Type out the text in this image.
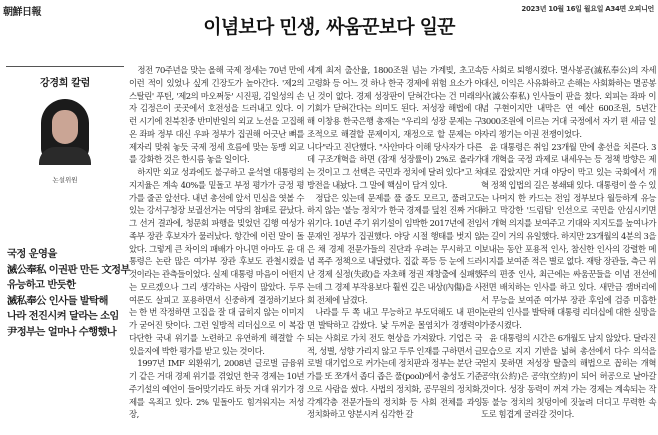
朝鮮日報	2023년 10월 16일 월요일 A34면 오피니언
이념보다 민생, 싸움꾼보다 일꾼
강경희 칼럼
논설위원
국정 운영을
滅公奉私 이권판 만든 文정부
유능하고 반듯한
滅私奉公 인사들 발탁해
나라 전진시켜 달라는 소임
尹정부는 얼마나 수행했나

정전 70주년을 맞는 올해 국제 정세는 70년 만에 이런 적이 있었나 싶게 긴장도가 높아간다. '제2의 스탈린' 푸틴, '제2의 마오쩌둥' 시진핑, 김일성의 손자 김정은이 곳곳에서 호전성을 드러내고 있다. 이런 시기에 친북친중 반미반일의 외교 노선을 고집해온 좌파 정부 대신 우파 정부가 집권해 어긋난 뼈를 제자리 맞춰 놓듯 국제 정세 흐름에 맞는 동맹 외교를 강화한 것은 한시름 놓을 일이다.

하지만 외교 성과에도 불구하고 윤석열 대통령의 지지율은 계속 40%를 밑돌고 부정 평가가 긍정 평가를 줄곧 앞선다. 내년 총선에 앞서 민심을 엿볼 수 있는 강서구청장 보궐선거는 여당의 참패로 끝났다. 그 선거 결과에, 청문회 파행을 빚었던 김행 여성가족부 장관 후보자가 물러났다. 항간에 이런 말이 돌았다. 그렇게 큰 차이의 패배가 아니면 아마도 윤 대통령은 논란 많은 여가부 장관 후보도 관철시켰을 것이라는 관측들이었다. 실제 대통령 마음이 어떤지는 모르겠으나 그리 생각하는 사람이 많았다. 두루 여론도 살피고 포용하면서 신중하게 결정하기보다는 한 번 작정하면 고집을 잘 대 굽히지 않는 이미지가 굳어진 탓이다. 그런 일방적 리더십으로 이 복잡다단한 국내 위기를 노련하고 유연하게 해결할 수 있을지에 박한 평가를 받고 있는 것이다.

1997년 IMF 외환위기, 2008년 글로벌 금융위기 같은 거대 경제 위기를 겪었던 한국 경제는 10년 주기설의 예언이 들어맞기라도 하듯 거대 위기가 경제를 옥죄고 있다. 2% 밑돌아도 힘겨워지는 저성장,

세계 최저 출산율, 1800조원 넘는 가계빚, 초고속 고령화 등 어느 것 하나 한국 경제에 위험 요소가 아닌 것이 없다. 경제 성장판이 닫혀간다는 건 미래의 기회가 닫혀간다는 의미도 된다. 저성장 해법에 대해 이창용 한국은행 총재는 "우리의 성장 문제는 구조적으로 해결할 문제이지, 재정으로 할 문제는 아니다"라고 진단했다. "사안마다 이해 당사자가 다른데 구조개혁을 하면 (잠재 성장률이) 2%로 올라가는 것이고 그 선택은 국민과 정치에 달려 있다"고 처방전을 내놨다. 그 말에 핵심이 담겨 있다.

정답은 있는데 문제를 풀 줄도 모르고, 풀려고도 하지 않는 '불능 정치'가 한국 경제를 덮친 진짜 거대 위기다. 10년 주기 위기설이 임박한 2017년에 전임 문재인 정부가 집권했다. 야당 시절 행태를 벗지 않은 채 경제 전문가들의 진단과 우려는 무시하고 이념 폭주 정책으로 내달렸다. 집값 폭등 등 눈에 드러난 경제 실정(失政)을 자초해 정권 재창출에 실패했는데 그 경제 부작용보다 훨씬 깊은 내상(內傷)을 사회 전체에 남겼다.

나라를 두 쪽 내고 무능하고 부도덕해도 내 편이면 발탁하고 감쌌다. 낯 두꺼운 몰염치가 경쟁력이 되는 사회로 가치 전도 현상을 가져왔다. 기업은 국적, 성별, 성향 가리지 않고 두루 인재를 구하면서 글로벌 대기업으로 커가는데 정치판과 정부는 분단 국가를 또 쪼개서 좁디 좁은 풀(pool)에서 충성도 기준으로 사람을 썼다. 사법의 정치화, 공무원의 정치화, 각계각층 전문가들의 정치화 등 사회 전체를 과잉 정치화하고 양분시켜 심각한 갈

등 사회로 퇴행시켰다. 멸사봉공(滅私奉公)의 자세 대신, 이익은 사유화하고 손해는 사회화하는 멸공봉사(滅公奉私) 인사들이 판을 쳤다. 외피는 좌파 이념 구현이지만 내막은 연 예산 600조원, 5년간 3000조원에 이르는 거대 국정에서 자기 편 세금 일자리 챙기는 이권 전쟁이었다.

윤 대통령은 취임 23개월 만에 총선을 치른다. 3대 개혁을 국정 과제로 내세우는 등 정책 방향은 제대로 잡았지만 거대 야당이 막고 있는 국회에서 개혁 정책 입법의 길은 봉쇄돼 있다. 대통령이 쓸 수 있는 나머지 한 카드는 전임 정부보다 월등하게 유능하고 막강한 '드림팀' 인선으로 국민을 안심시키면서 개혁 의지를 보여주고 기대와 지지도를 높여나가는 길이 거의 유일했다. 하지만 23개월의 4분의 3을 보내는 동안 포용적 인사, 참신한 인사의 강렬한 메시지를 보여준 적은 별로 없다. 재탕 장관들, 측근 위주의 편중 인사, 최근에는 싸움꾼들을 이념 전선에 전면 배치하는 인사를 하고 있다. 새만금 잼버리에서 무능을 보여준 여가부 장관 후임에 검증 미흡한 논란의 인사를 발탁해 대통령 리더십에 대한 실망을 가중시켰다.

윤 대통령의 시간은 6개월도 남지 않았다. 달라진 모습으로 지지 기반을 넓혀 총선에서 다수 의석을 얻지 못하면 저성장 탈출의 해법으로 꼽히는 개혁 공약(公約)은 공약(空約)이 되어 허공으로 날아갈 것이다. 성장 동력이 꺼져 가는 경제는 계속되는 작동 불능 정치의 칫덩이에 짓눌려 더디고 무력한 속도로 힘겹게 굴러갈 것이다.
